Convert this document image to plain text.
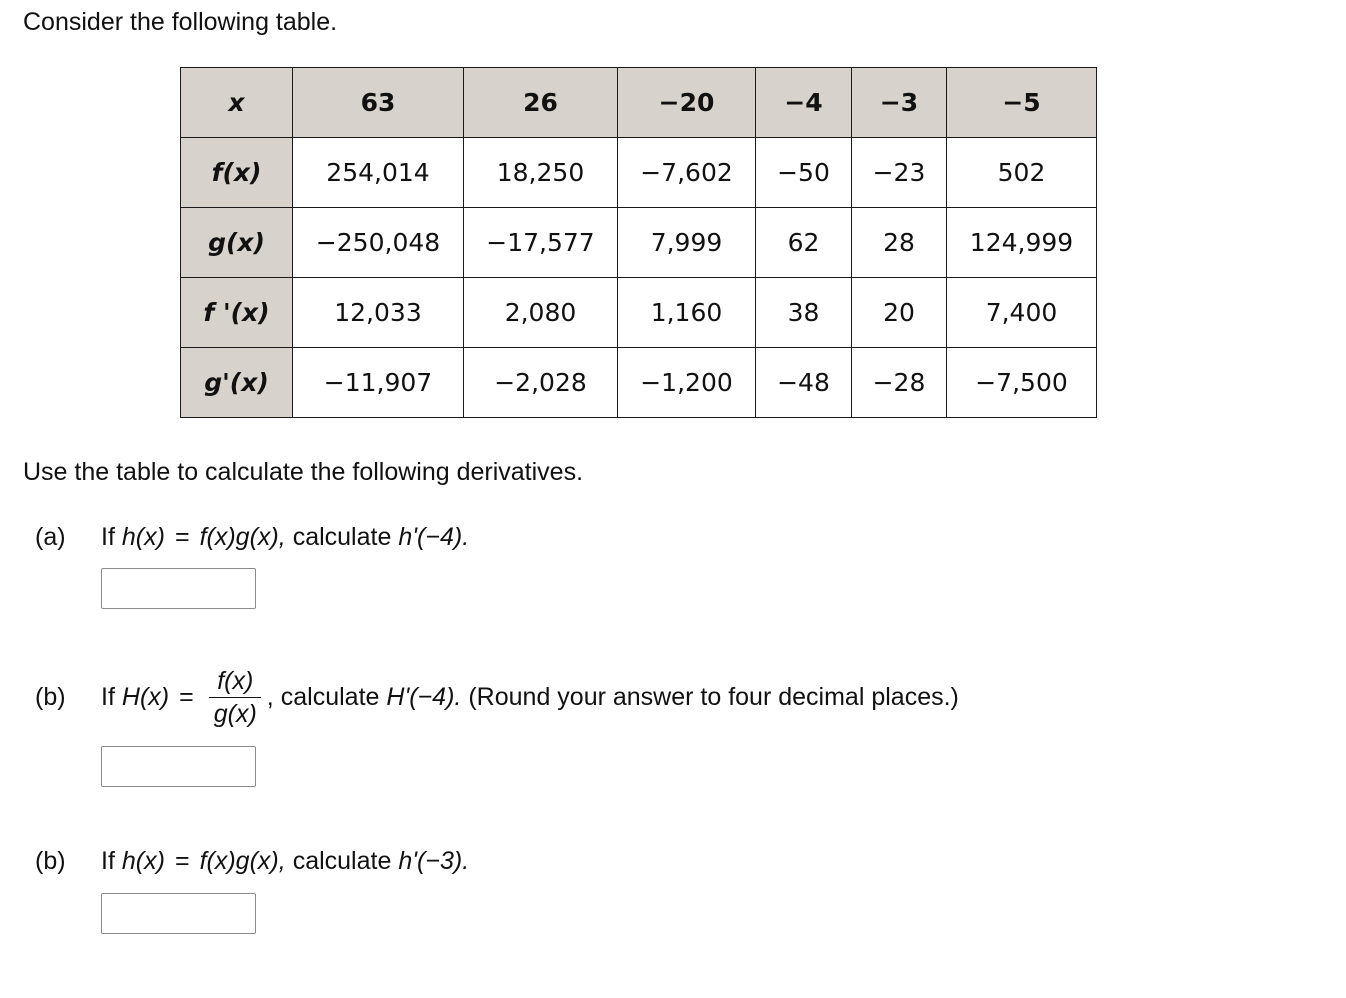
Consider the following table.
x	63	26	−20	−4	−3	−5
f(x)	254,014	18,250	−7,602	−50	−23	502
g(x)	−250,048	−17,577	7,999	62	28	124,999
f '(x)	12,033	2,080	1,160	38	20	7,400
g'(x)	−11,907	−2,028	−1,200	−48	−28	−7,500
Use the table to calculate the following derivatives.
(a)	If h(x) = f(x)g(x), calculate h'(−4).
(b)	If $H(x) = \frac{f(x)}{g(x)}$ , calculate H'(−4). (Round your answer to four decimal places.)
(b)	If h(x) = f(x)g(x), calculate h'(−3).
